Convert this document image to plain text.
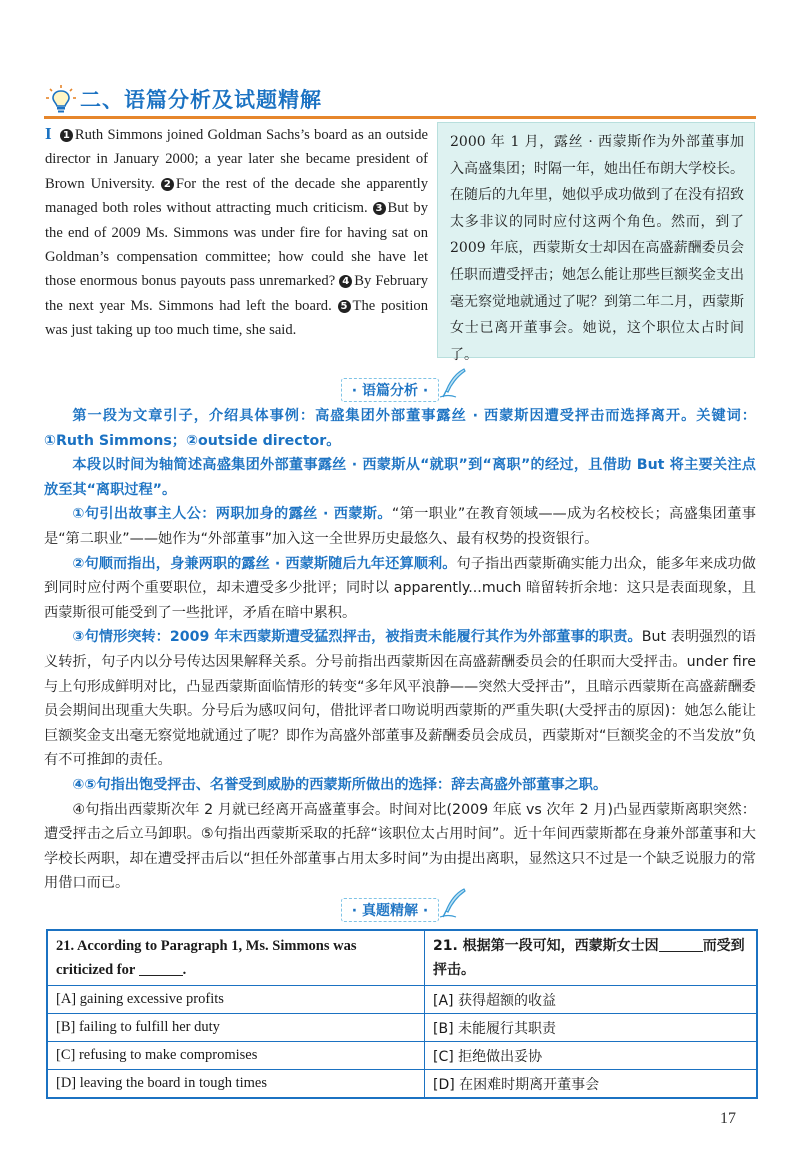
二、语篇分析及试题精解
I 1 Ruth Simmons joined Goldman Sachs’s board as an outside director in January 2000; a year later she became president of Brown University. 2 For the rest of the decade she apparently managed both roles without attracting much criticism. 3 But by the end of 2009 Ms. Simmons was under fire for having sat on Goldman’s compensation committee; how could she have let those enormous bonus payouts pass unremarked? 4 By February the next year Ms. Simmons had left the board. 5 The position was just taking up too much time, she said.
2000 年 1 月，露丝 · 西蒙斯作为外部董事加入高盛集团；时隔一年，她出任布朗大学校长。在随后的九年里，她似乎成功做到了在没有招致太多非议的同时应付这两个角色。然而，到了 2009 年底，西蒙斯女士却因在高盛薪酬委员会任职而遭受抨击；她怎么能让那些巨额奖金支出毫无察觉地就通过了呢？到第二年二月，西蒙斯女士已离开董事会。她说，这个职位太占时间了。
· 语篇分析 ·

第一段为文章引子，介绍具体事例：高盛集团外部董事露丝 · 西蒙斯因遭受抨击而选择离开。关键词：①Ruth Simmons；②outside director。

本段以时间为轴简述高盛集团外部董事露丝 · 西蒙斯从“就职”到“离职”的经过，且借助 But 将主要关注点放至其“离职过程”。

①句引出故事主人公：两职加身的露丝 · 西蒙斯。“第一职业”在教育领域——成为名校校长；高盛集团董事是“第二职业”——她作为“外部董事”加入这一全世界历史最悠久、最有权势的投资银行。

②句顺而指出，身兼两职的露丝 · 西蒙斯随后九年还算顺利。句子指出西蒙斯确实能力出众，能多年来成功做到同时应付两个重要职位，却未遭受多少批评；同时以 apparently...much 暗留转折余地：这只是表面现象，且西蒙斯很可能受到了一些批评，矛盾在暗中累积。

③句情形突转：2009 年末西蒙斯遭受猛烈抨击，被指责未能履行其作为外部董事的职责。But 表明强烈的语义转折，句子内以分号传达因果解释关系。分号前指出西蒙斯因在高盛薪酬委员会的任职而大受抨击。under fire 与上句形成鲜明对比，凸显西蒙斯面临情形的转变“多年风平浪静——突然大受抨击”，且暗示西蒙斯在高盛薪酬委员会期间出现重大失职。分号后为感叹问句，借批评者口吻说明西蒙斯的严重失职(大受抨击的原因)：她怎么能让巨额奖金支出毫无察觉地就通过了呢？即作为高盛外部董事及薪酬委员会成员，西蒙斯对“巨额奖金的不当发放”负有不可推卸的责任。

④⑤句指出饱受抨击、名誉受到威胁的西蒙斯所做出的选择：辞去高盛外部董事之职。

④句指出西蒙斯次年 2 月就已经离开高盛董事会。时间对比(2009 年底 vs 次年 2 月)凸显西蒙斯离职突然：遭受抨击之后立马卸职。⑤句指出西蒙斯采取的托辞“该职位太占用时间”。近十年间西蒙斯都在身兼外部董事和大学校长两职，却在遭受抨击后以“担任外部董事占用太多时间”为由提出离职，显然这只不过是一个缺乏说服力的常用借口而已。

· 真题精解 ·
21. According to Paragraph 1, Ms. Simmons was criticized for .	21. 根据第一段可知，西蒙斯女士因 而受到抨击。
[A] gaining excessive profits	[A] 获得超额的收益
[B] failing to fulfill her duty	[B] 未能履行其职责
[C] refusing to make compromises	[C] 拒绝做出妥协
[D] leaving the board in tough times	[D] 在困难时期离开董事会
17
